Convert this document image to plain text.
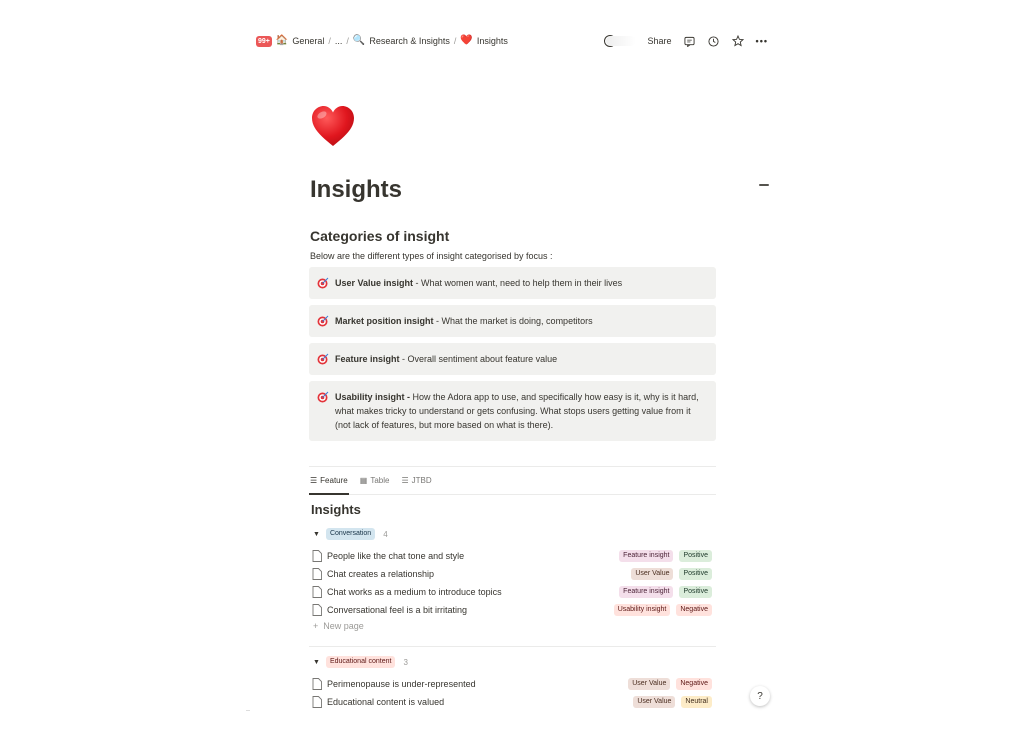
99+ 🏠 General / ... / 🔍 Research & Insights / ❤️ Insights	Share	•••
Insights
Categories of insight
Below are the different types of insight categorised by focus :
User Value insight - What women want, need to help them in their lives
Market position insight - What the market is doing, competitors
Feature insight - Overall sentiment about feature value
Usability insight - How the Adora app to use, and specifically how easy is it, why is it hard, what makes tricky to understand or gets confusing. What stops users getting value from it (not lack of features, but more based on what is there).
☰ Feature ▦ Table ☰ JTBD
Insights
▼	Conversation	4
People like the chat tone and style	Feature insight	Positive
Chat creates a relationship	User Value	Positive
Chat works as a medium to introduce topics	Feature insight	Positive
Conversational feel is a bit irritating	Usability insight	Negative
+ New page
▼	Educational content	3
Perimenopause is under-represented	User Value	Negative
Educational content is valued	User Value	Neutral	?
